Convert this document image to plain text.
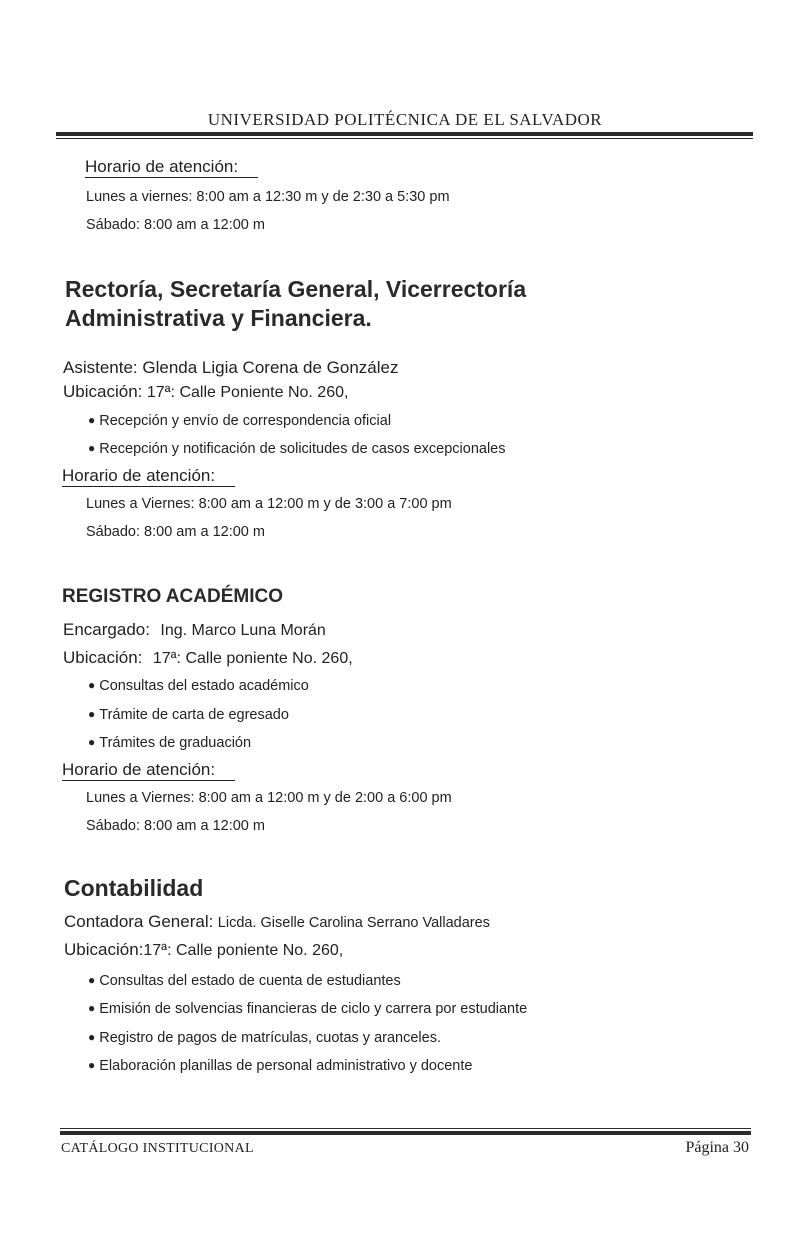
UNIVERSIDAD POLITÉCNICA DE EL SALVADOR
Horario de atención:
Lunes a viernes: 8:00 am a 12:30 m y de 2:30 a 5:30 pm
Sábado: 8:00 am a 12:00 m
Rectoría, Secretaría General, Vicerrectoría
Administrativa y Financiera.
Asistente: Glenda Ligia Corena de González
Ubicación: 17ª: Calle Poniente No. 260,
● Recepción y envío de correspondencia oficial
● Recepción y notificación de solicitudes de casos excepcionales
Horario de atención:
Lunes a Viernes: 8:00 am a 12:00 m y de 3:00 a 7:00 pm
Sábado: 8:00 am a 12:00 m
REGISTRO ACADÉMICO
Encargado: Ing. Marco Luna Morán
Ubicación: 17ª: Calle poniente No. 260,
● Consultas del estado académico
● Trámite de carta de egresado
● Trámites de graduación
Horario de atención:
Lunes a Viernes: 8:00 am a 12:00 m y de 2:00 a 6:00 pm
Sábado: 8:00 am a 12:00 m
Contabilidad
Contadora General: Licda. Giselle Carolina Serrano Valladares
Ubicación:17ª: Calle poniente No. 260,
● Consultas del estado de cuenta de estudiantes
● Emisión de solvencias financieras de ciclo y carrera por estudiante
● Registro de pagos de matrículas, cuotas y aranceles.
● Elaboración planillas de personal administrativo y docente
CATÁLOGO INSTITUCIONAL	Página 30
